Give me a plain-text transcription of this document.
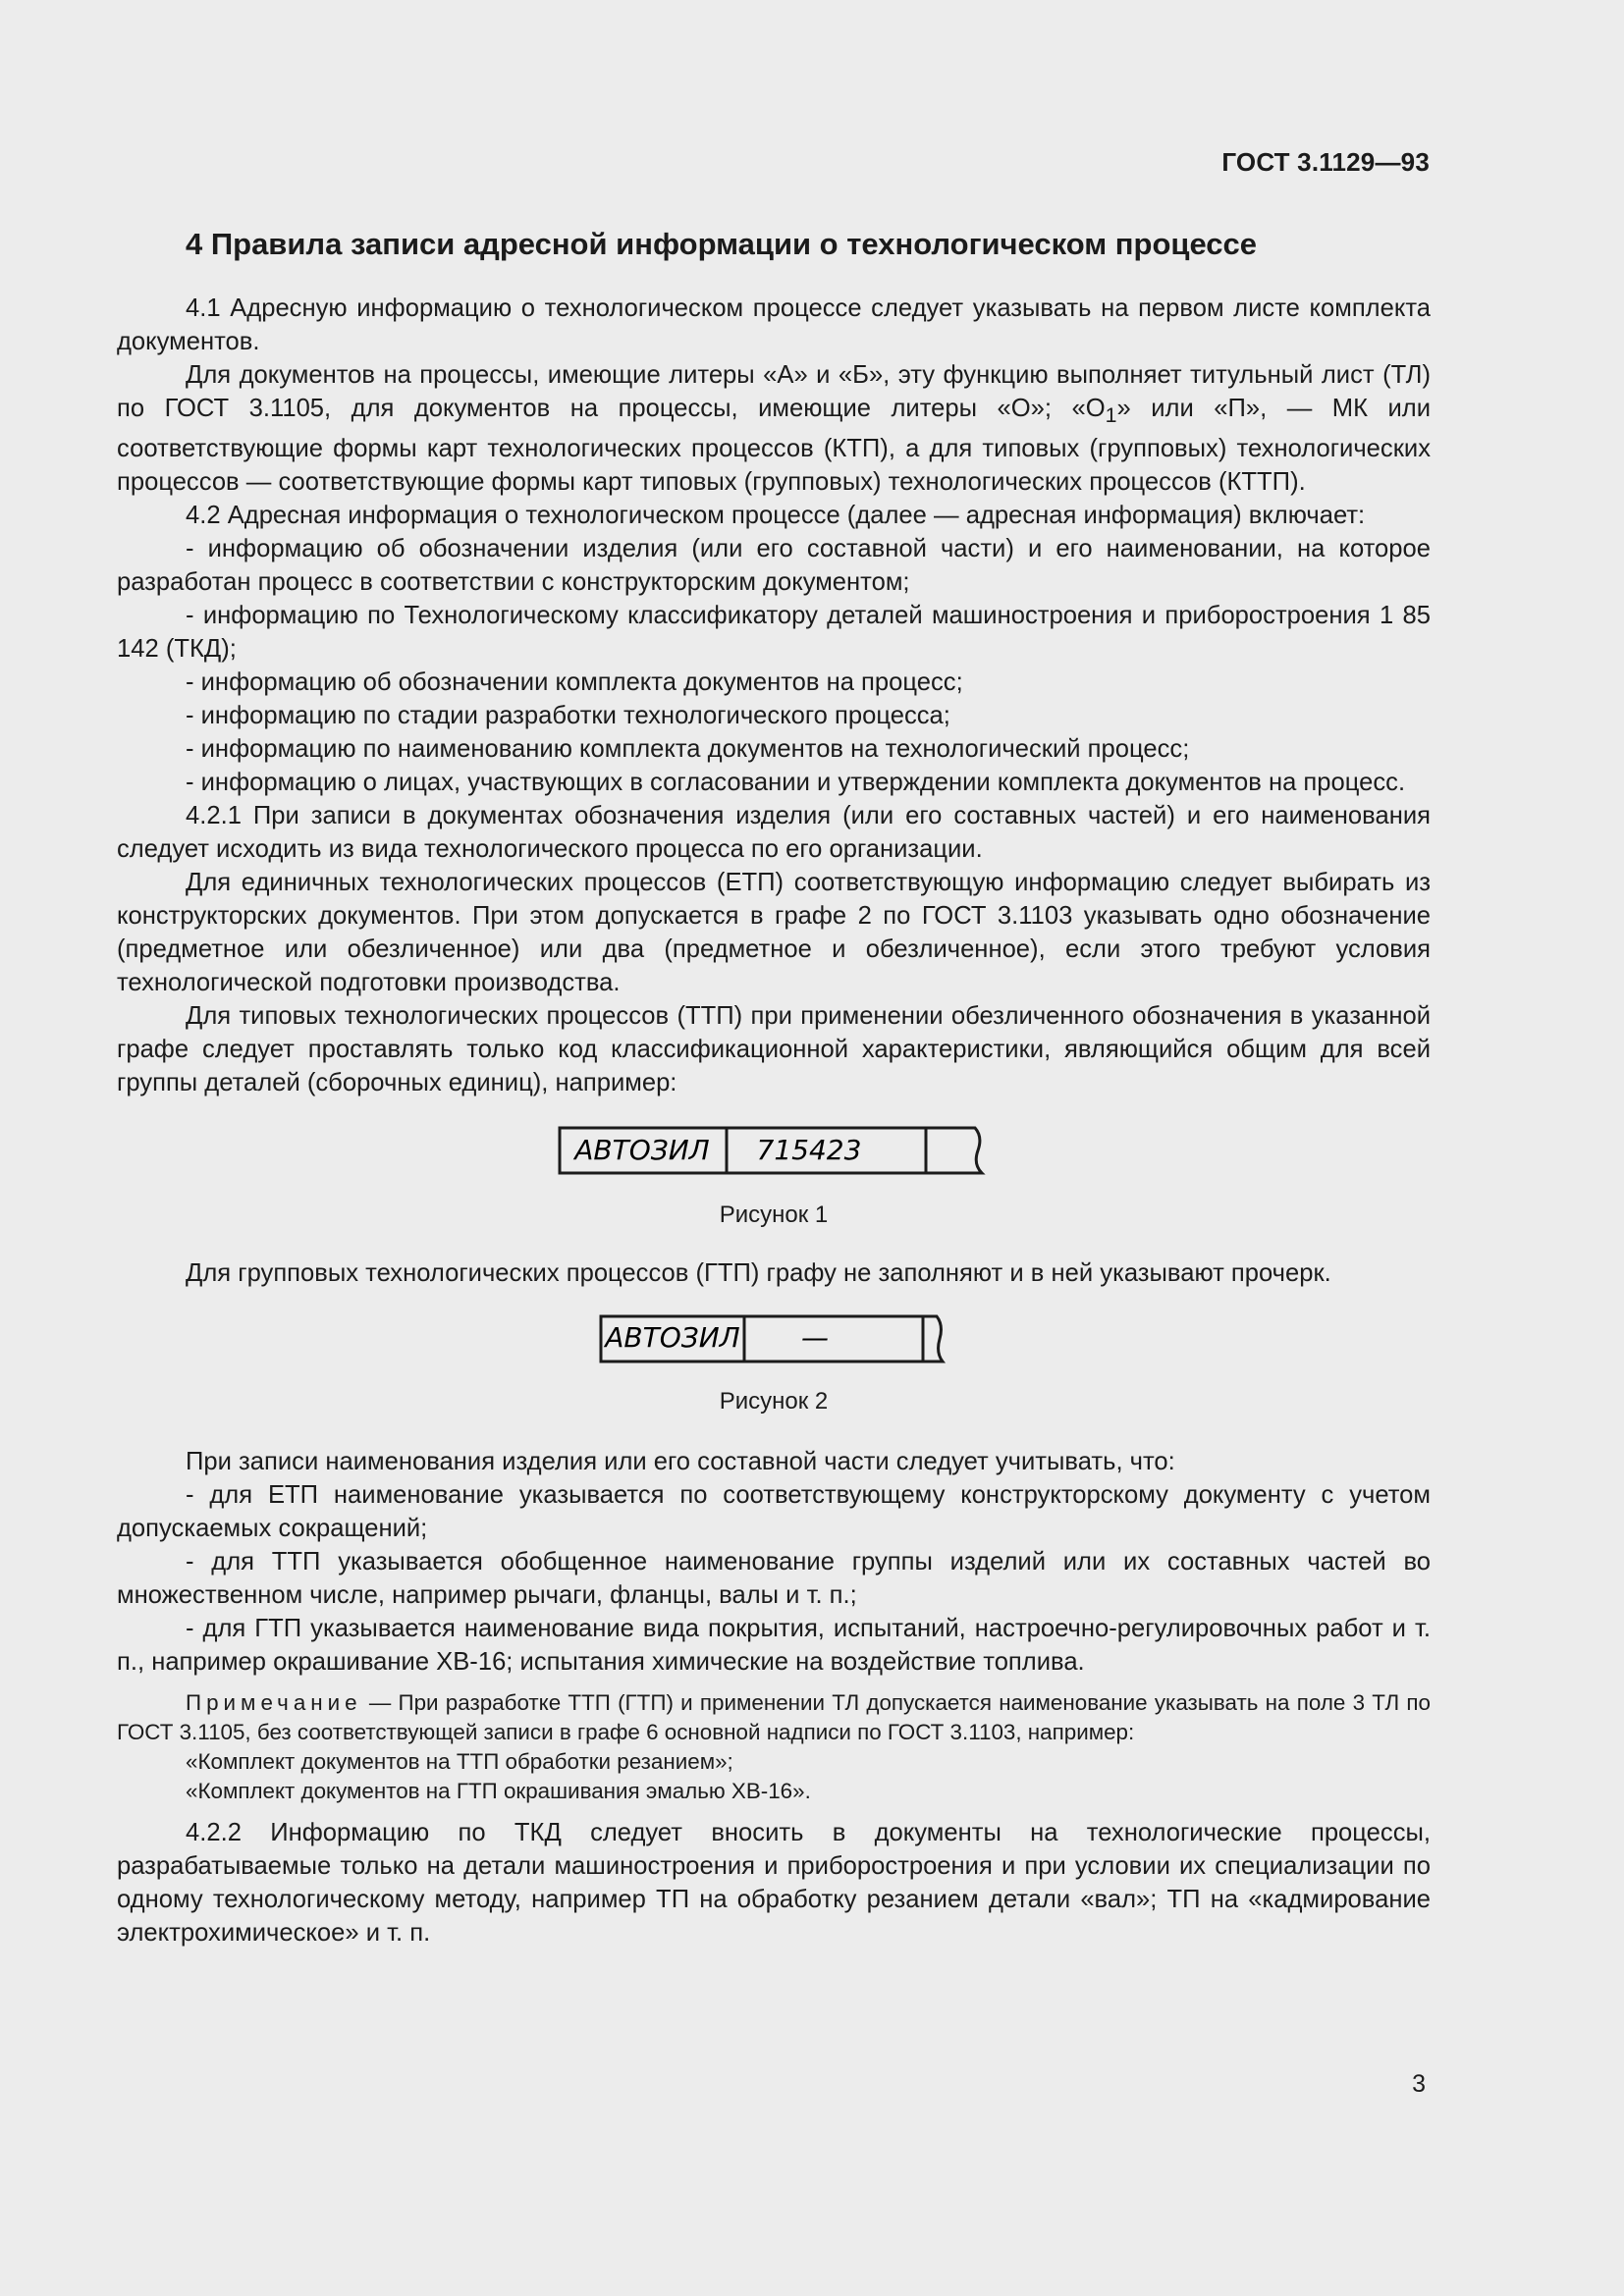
ГОСТ 3.1129—93
4 Правила записи адресной информации о технологическом процессе

4.1 Адресную информацию о технологическом процессе следует указывать на первом листе комплекта документов.

Для документов на процессы, имеющие литеры «А» и «Б», эту функцию выполняет титульный лист (ТЛ) по ГОСТ 3.1105, для документов на процессы, имеющие литеры «О»; «$О_1$» или «П», — МК или соответствующие формы карт технологических процессов (КТП), а для типовых (групповых) технологических процессов — соответствующие формы карт типовых (групповых) технологических процессов (КТТП).

4.2 Адресная информация о технологическом процессе (далее — адресная информация) включает:

- информацию об обозначении изделия (или его составной части) и его наименовании, на которое разработан процесс в соответствии с конструкторским документом;

- информацию по Технологическому классификатору деталей машиностроения и приборостроения 1 85 142 (ТКД);

- информацию об обозначении комплекта документов на процесс;

- информацию по стадии разработки технологического процесса;

- информацию по наименованию комплекта документов на технологический процесс;

- информацию о лицах, участвующих в согласовании и утверждении комплекта документов на процесс.

4.2.1 При записи в документах обозначения изделия (или его составных частей) и его наименования следует исходить из вида технологического процесса по его организации.

Для единичных технологических процессов (ЕТП) соответствующую информацию следует выбирать из конструкторских документов. При этом допускается в графе 2 по ГОСТ 3.1103 указывать одно обозначение (предметное или обезличенное) или два (предметное и обезличенное), если этого требуют условия технологической подготовки производства.

Для типовых технологических процессов (ТТП) при применении обезличенного обозначения в указанной графе следует проставлять только код классификационной характеристики, являющийся общим для всей группы деталей (сборочных единиц), например:

АВТОЗИЛ 715423
Рисунок 1

Для групповых технологических процессов (ГТП) графу не заполняют и в ней указывают прочерк.

АВТОЗИЛ —
Рисунок 2

При записи наименования изделия или его составной части следует учитывать, что:

- для ЕТП наименование указывается по соответствующему конструкторскому документу с учетом допускаемых сокращений;

- для ТТП указывается обобщенное наименование группы изделий или их составных частей во множественном числе, например рычаги, фланцы, валы и т. п.;

- для ГТП указывается наименование вида покрытия, испытаний, настроечно-регулировочных работ и т. п., например окрашивание ХВ-16; испытания химические на воздействие топлива.

Примечание — При разработке ТТП (ГТП) и применении ТЛ допускается наименование указывать на поле 3 ТЛ по ГОСТ 3.1105, без соответствующей записи в графе 6 основной надписи по ГОСТ 3.1103, например:

«Комплект документов на ТТП обработки резанием»;

«Комплект документов на ГТП окрашивания эмалью ХВ-16».

4.2.2 Информацию по ТКД следует вносить в документы на технологические процессы, разрабатываемые только на детали машиностроения и приборостроения и при условии их специализации по одному технологическому методу, например ТП на обработку резанием детали «вал»; ТП на «кадмирование электрохимическое» и т. п.

3
